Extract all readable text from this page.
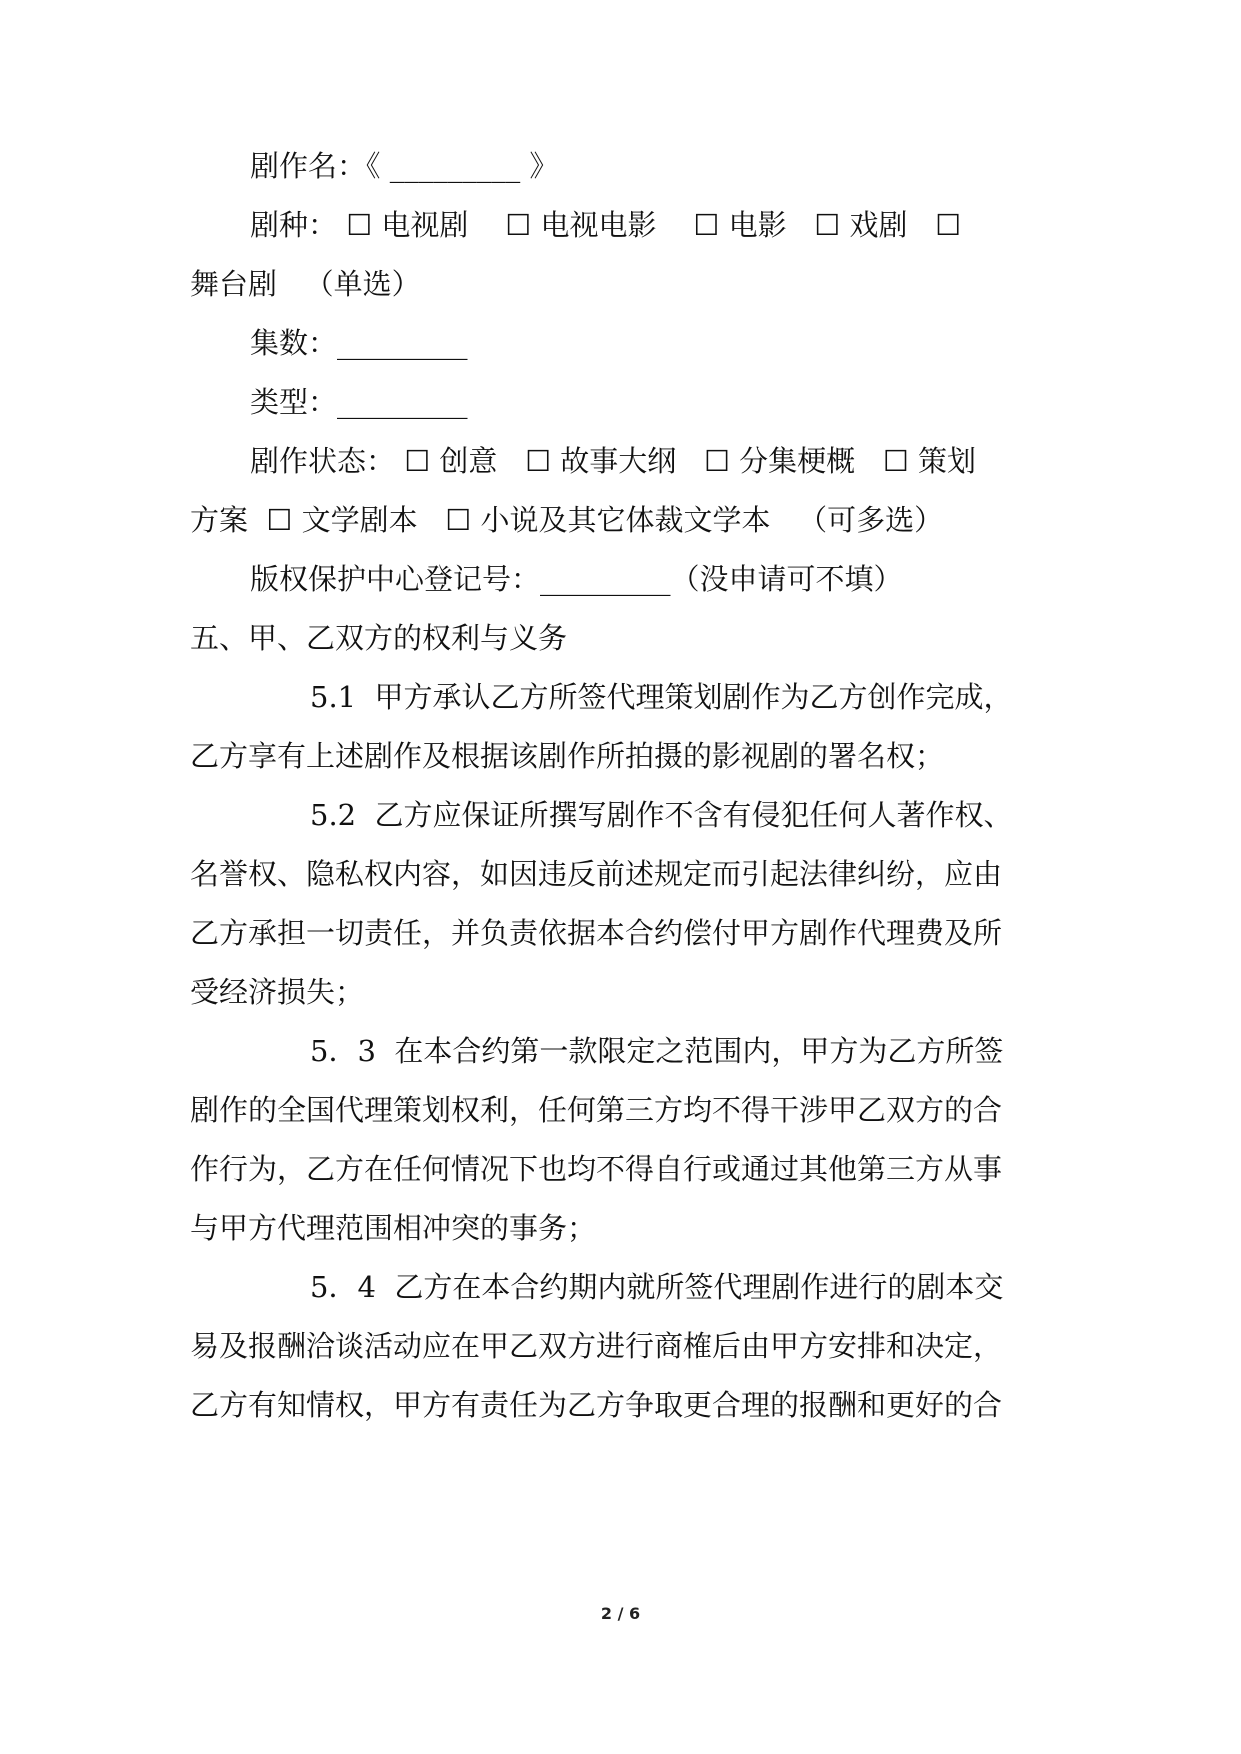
剧作名：《 _________ 》
剧种： ☐ 电视剧    ☐ 电视电影    ☐ 电影   ☐ 戏剧   ☐
舞台剧   （单选）
集数：_________
类型：_________
剧作状态： ☐ 创意   ☐ 故事大纲   ☐ 分集梗概   ☐ 策划
方案  ☐ 文学剧本   ☐ 小说及其它体裁文学本   （可多选）
版权保护中心登记号：_________（没申请可不填）
五、甲、乙双方的权利与义务
5.1  甲方承认乙方所签代理策划剧作为乙方创作完成，
乙方享有上述剧作及根据该剧作所拍摄的影视剧的署名权；
5.2  乙方应保证所撰写剧作不含有侵犯任何人著作权、
名誉权、隐私权内容，如因违反前述规定而引起法律纠纷，应由
乙方承担一切责任，并负责依据本合约偿付甲方剧作代理费及所
受经济损失；
5．3  在本合约第一款限定之范围内，甲方为乙方所签
剧作的全国代理策划权利，任何第三方均不得干涉甲乙双方的合
作行为，乙方在任何情况下也均不得自行或通过其他第三方从事
与甲方代理范围相冲突的事务；
5．4  乙方在本合约期内就所签代理剧作进行的剧本交
易及报酬洽谈活动应在甲乙双方进行商榷后由甲方安排和决定，
乙方有知情权，甲方有责任为乙方争取更合理的报酬和更好的合
2 / 6
